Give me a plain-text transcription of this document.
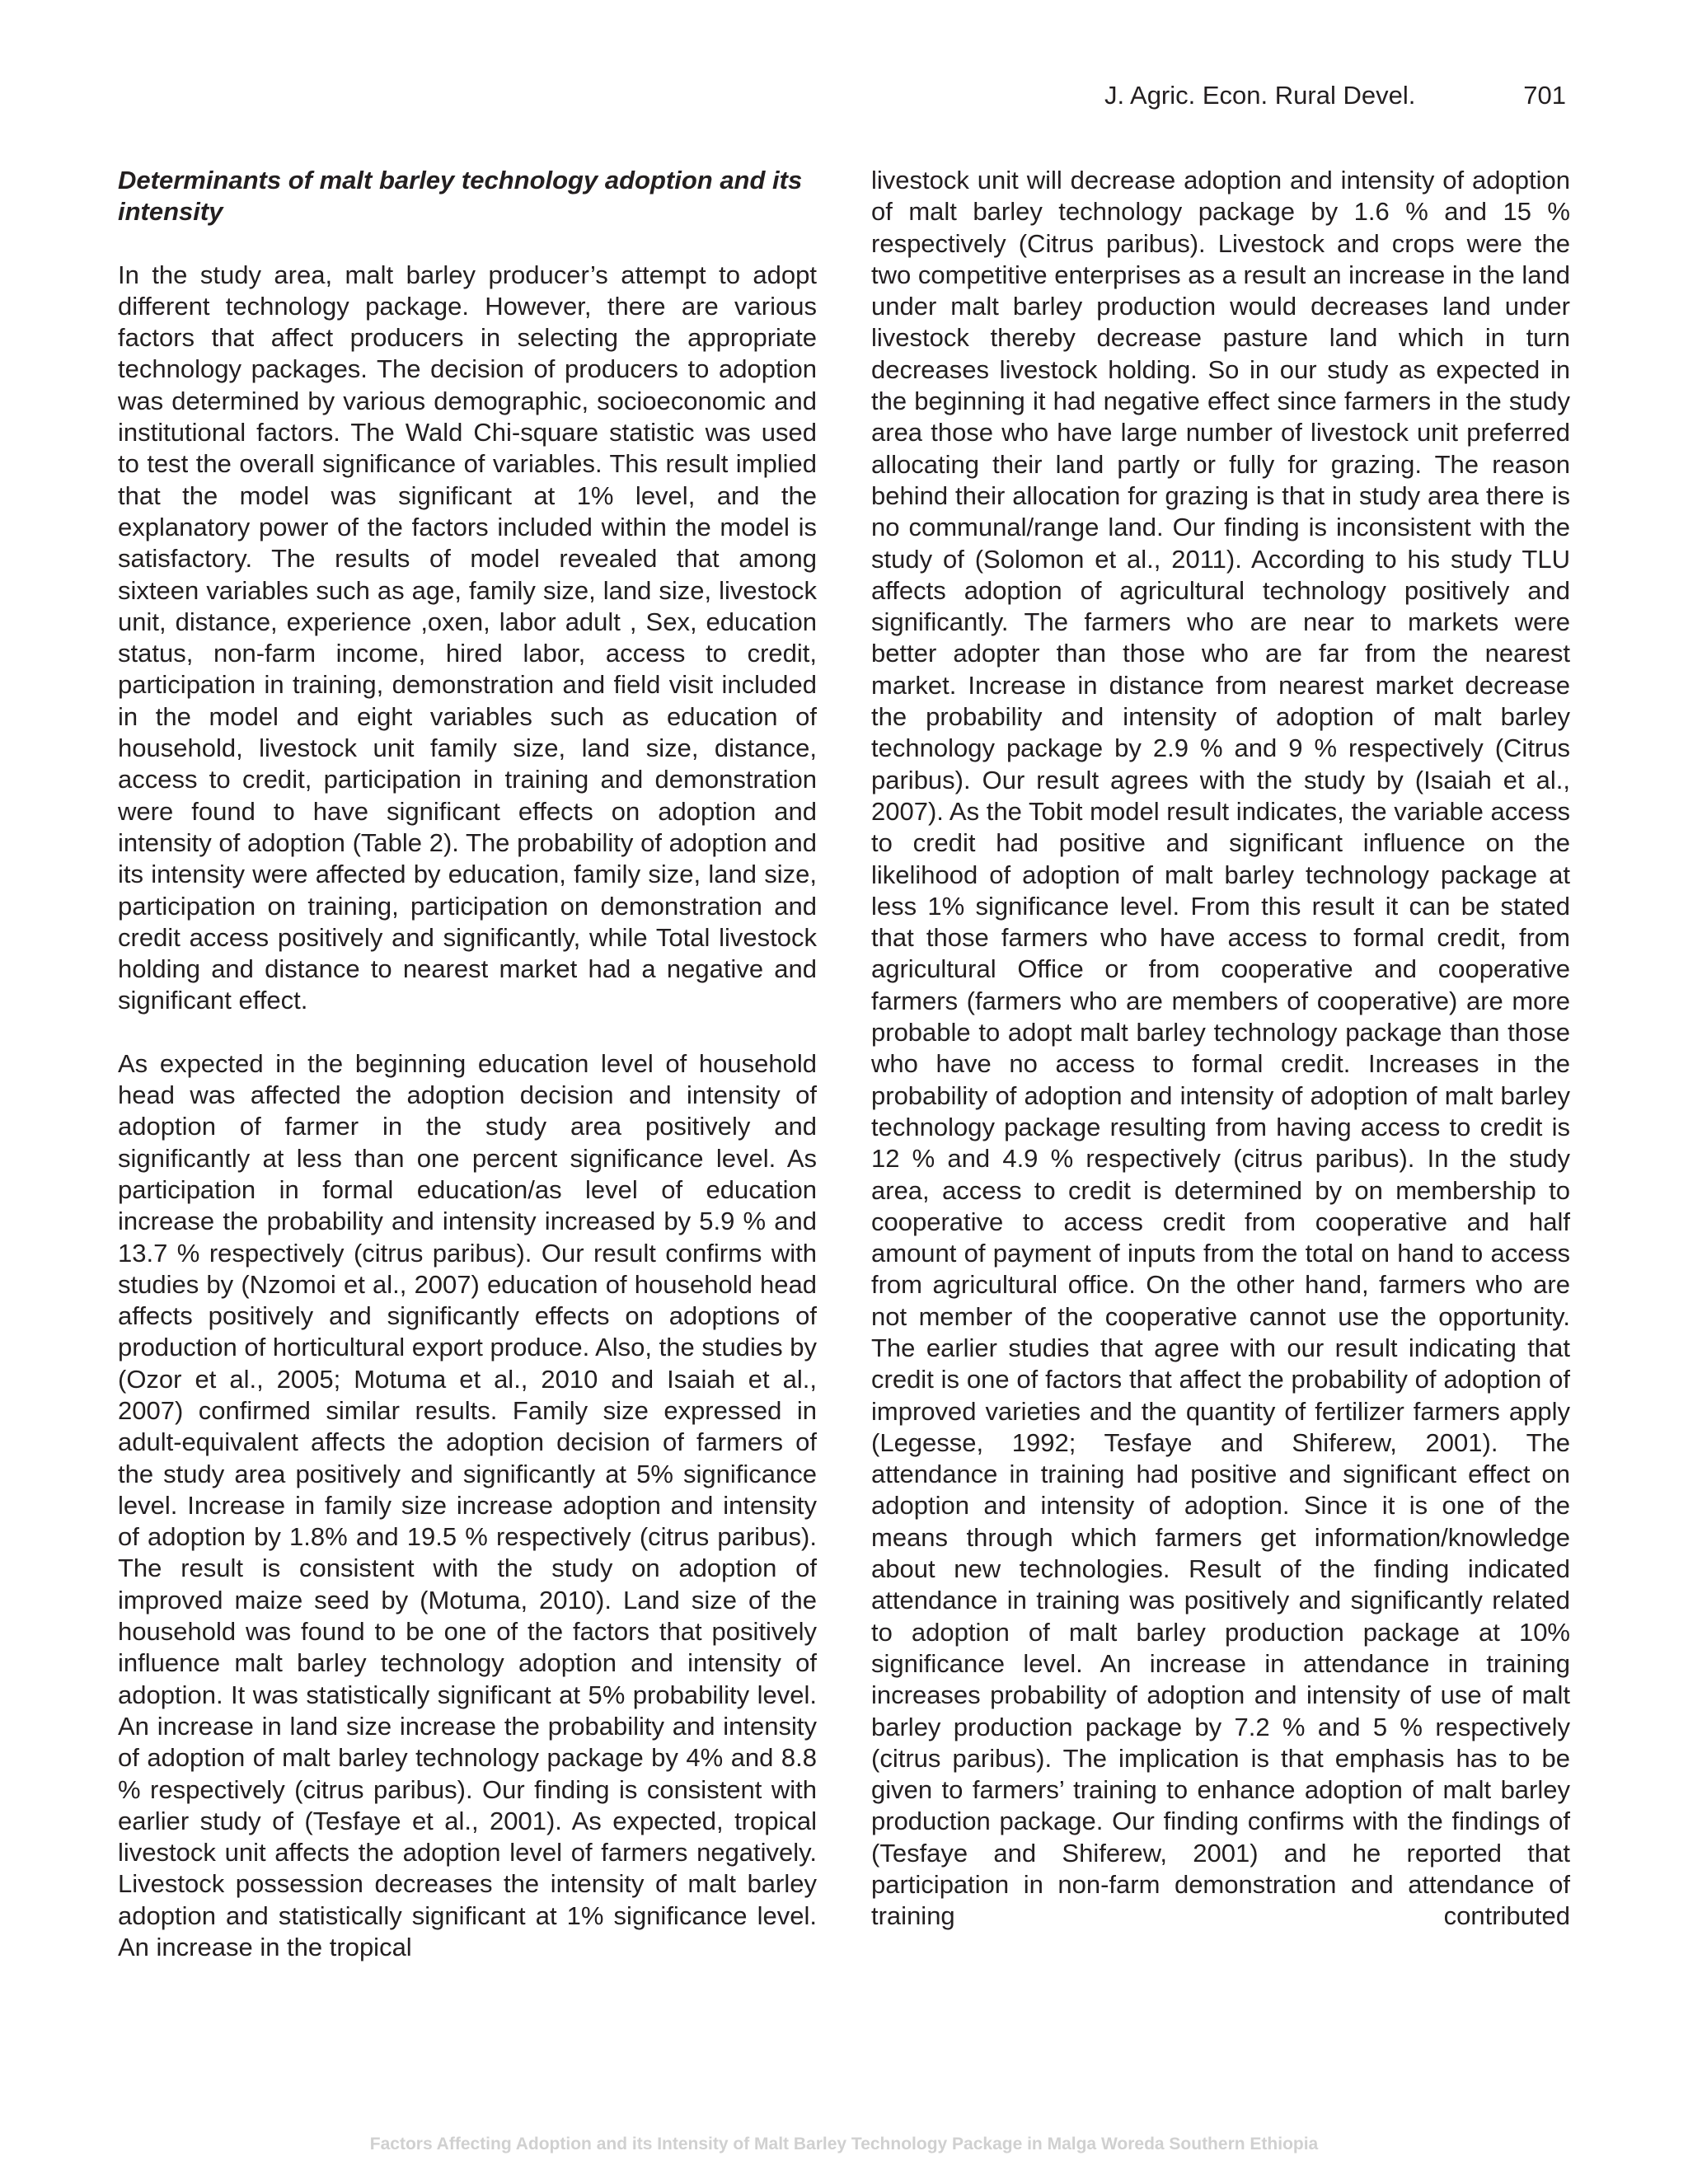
J. Agric. Econ. Rural Devel.	701
Determinants of malt barley technology adoption and its intensity

In the study area, malt barley producer’s attempt to adopt different technology package. However, there are various factors that affect producers in selecting the appropriate technology packages. The decision of producers to adoption was determined by various demographic, socioeconomic and institutional factors. The Wald Chi-square statistic was used to test the overall significance of variables. This result implied that the model was significant at 1% level, and the explanatory power of the factors included within the model is satisfactory. The results of model revealed that among sixteen variables such as age, family size, land size, livestock unit, distance, experience ,oxen, labor adult , Sex, education status, non-farm income, hired labor, access to credit, participation in training, demonstration and field visit included in the model and eight variables such as education of household, livestock unit family size, land size, distance, access to credit, participation in training and demonstration were found to have significant effects on adoption and intensity of adoption (Table 2). The probability of adoption and its intensity were affected by education, family size, land size, participation on training, participation on demonstration and credit access positively and significantly, while Total livestock holding and distance to nearest market had a negative and significant effect.

As expected in the beginning education level of household head was affected the adoption decision and intensity of adoption of farmer in the study area positively and significantly at less than one percent significance level. As participation in formal education/as level of education increase the probability and intensity increased by 5.9 % and 13.7 % respectively (citrus paribus). Our result confirms with studies by (Nzomoi et al., 2007) education of household head affects positively and significantly effects on adoptions of production of horticultural export produce. Also, the studies by (Ozor et al., 2005; Motuma et al., 2010 and Isaiah et al., 2007) confirmed similar results. Family size expressed in adult-equivalent affects the adoption decision of farmers of the study area positively and significantly at 5% significance level. Increase in family size increase adoption and intensity of adoption by 1.8% and 19.5 % respectively (citrus paribus). The result is consistent with the study on adoption of improved maize seed by (Motuma, 2010). Land size of the household was found to be one of the factors that positively influence malt barley technology adoption and intensity of adoption. It was statistically significant at 5% probability level. An increase in land size increase the probability and intensity of adoption of malt barley technology package by 4% and 8.8 % respectively (citrus paribus). Our finding is consistent with earlier study of (Tesfaye et al., 2001). As expected, tropical livestock unit affects the adoption level of farmers negatively. Livestock possession decreases the intensity of malt barley adoption and statistically significant at 1% significance level. An increase in the tropical

livestock unit will decrease adoption and intensity of adoption of malt barley technology package by 1.6 % and 15 % respectively (Citrus paribus). Livestock and crops were the two competitive enterprises as a result an increase in the land under malt barley production would decreases land under livestock thereby decrease pasture land which in turn decreases livestock holding. So in our study as expected in the beginning it had negative effect since farmers in the study area those who have large number of livestock unit preferred allocating their land partly or fully for grazing. The reason behind their allocation for grazing is that in study area there is no communal/range land. Our finding is inconsistent with the study of (Solomon et al., 2011). According to his study TLU affects adoption of agricultural technology positively and significantly. The farmers who are near to markets were better adopter than those who are far from the nearest market. Increase in distance from nearest market decrease the probability and intensity of adoption of malt barley technology package by 2.9 % and 9 % respectively (Citrus paribus). Our result agrees with the study by (Isaiah et al., 2007). As the Tobit model result indicates, the variable access to credit had positive and significant influence on the likelihood of adoption of malt barley technology package at less 1% significance level. From this result it can be stated that those farmers who have access to formal credit, from agricultural Office or from cooperative and cooperative farmers (farmers who are members of cooperative) are more probable to adopt malt barley technology package than those who have no access to formal credit. Increases in the probability of adoption and intensity of adoption of malt barley technology package resulting from having access to credit is 12 % and 4.9 % respectively (citrus paribus). In the study area, access to credit is determined by on membership to cooperative to access credit from cooperative and half amount of payment of inputs from the total on hand to access from agricultural office. On the other hand, farmers who are not member of the cooperative cannot use the opportunity. The earlier studies that agree with our result indicating that credit is one of factors that affect the probability of adoption of improved varieties and the quantity of fertilizer farmers apply (Legesse, 1992; Tesfaye and Shiferew, 2001). The attendance in training had positive and significant effect on adoption and intensity of adoption. Since it is one of the means through which farmers get information/knowledge about new technologies. Result of the finding indicated attendance in training was positively and significantly related to adoption of malt barley production package at 10% significance level. An increase in attendance in training increases probability of adoption and intensity of use of malt barley production package by 7.2 % and 5 % respectively (citrus paribus). The implication is that emphasis has to be given to farmers’ training to enhance adoption of malt barley production package. Our finding confirms with the findings of (Tesfaye and Shiferew, 2001) and he reported that participation in non-farm demonstration and attendance of training contributed

Factors Affecting Adoption and its Intensity of Malt Barley Technology Package in Malga Woreda Southern Ethiopia
